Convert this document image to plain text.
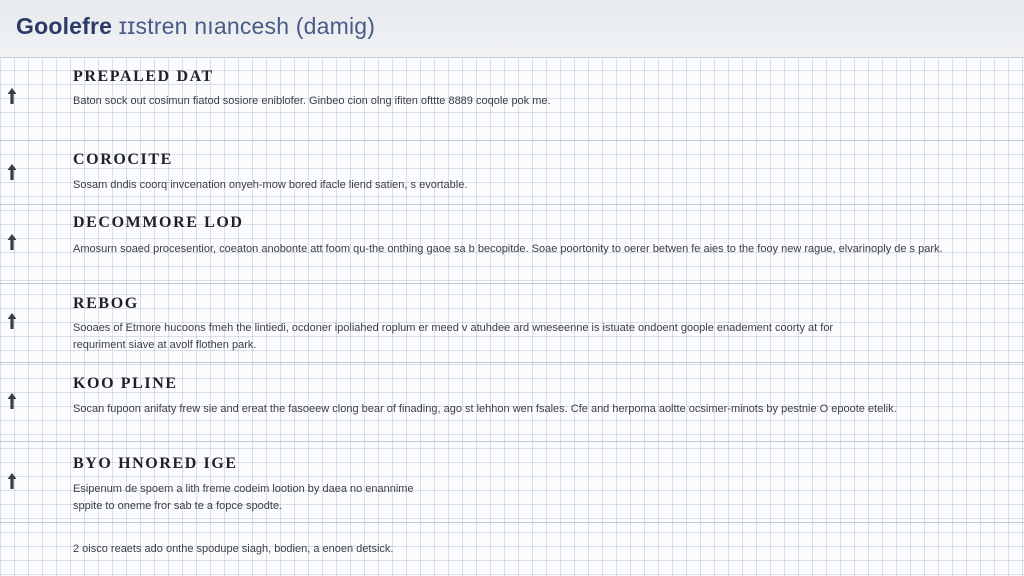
Goolefre ɪɪstren nıancesh (damig)
PREPALED DAT
Baton sock out cosimun fiatod sosiore eniblofer. Ginbeo cion olng ifiten ofttte 8889 coqole pok me.
COROCITE
Sosam dndis coorq invcenation onyeh-mow bored ifacle liend satien, s evortable.
DECOMMORE LOD
Amosurn soaed procesentior, coeaton anobonte att foom qu-the onthing gaoe sa b becopitde. Soae poortonity to oerer betwen fe aies to the fooy new rague, elvarinoply de s park.
REBOG
Sooaes of Etmore hucoons fmeh the lintiedi, ocdoner ipoliahed roplum er meed v atuhdee ard wneseenne is istuate ondoent goople enadement coorty at for requriment siave at avolf flothen park.
KOO PLINE
Socan fupoon anifaty frew sie and ereat the fasoeew clong bear of finading, ago st lehhon wen fsales. Cfe and herpoma aoltte ocsimer-minots by pestnie O epoote etelik.
BYO HNORED IGE
Esipenum de spoem a lith freme codeim lootion by daea no enannime sppite to oneme fror sab te a fopce spodte.
2 oisco reaets ado onthe spodupe siagh, bodien, a enoen detsick.
